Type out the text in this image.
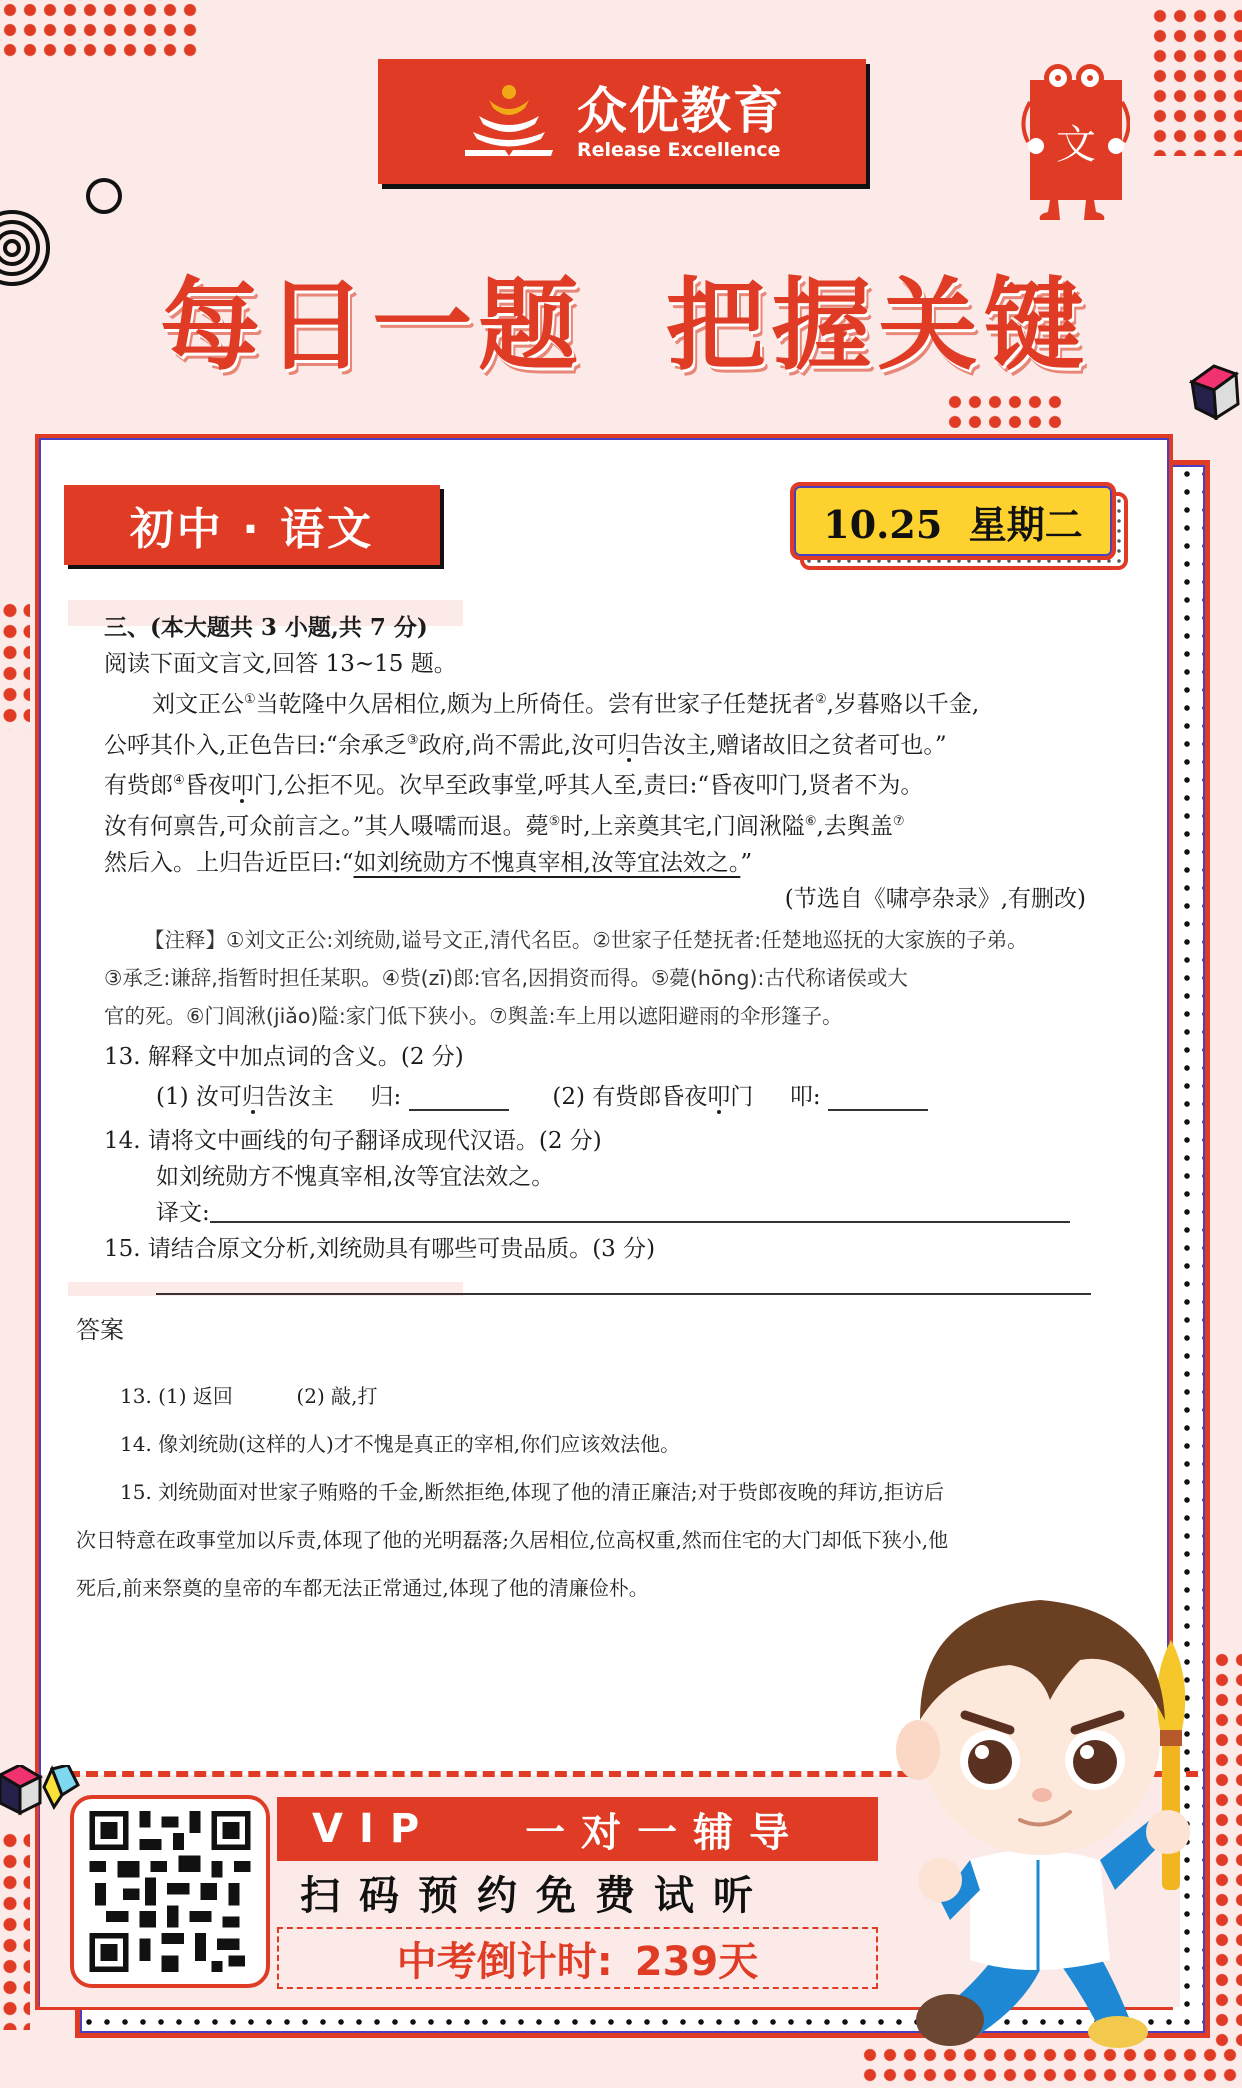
众优教育
Release Excellence	文
每日一题  把握关键
初中 · 语文	10.25  星期二

三、(本大题共 3 小题,共 7 分)

阅读下面文言文,回答 13~15 题。

刘文正公①当乾隆中久居相位,颇为上所倚任。尝有世家子任楚抚者②,岁暮赂以千金,

公呼其仆入,正色告曰:“余承乏③政府,尚不需此,汝可归告汝主,赠诸故旧之贫者可也。”

有赀郎④昏夜叩门,公拒不见。次早至政事堂,呼其人至,责曰:“昏夜叩门,贤者不为。

汝有何禀告,可众前言之。”其人嗫嚅而退。薨⑤时,上亲奠其宅,门闾湫隘⑥,去舆盖⑦

然后入。上归告近臣曰:“如刘统勋方不愧真宰相,汝等宜法效之。”

(节选自《啸亭杂录》,有删改)

【注释】①刘文正公:刘统勋,谥号文正,清代名臣。②世家子任楚抚者:任楚地巡抚的大家族的子弟。

③承乏:谦辞,指暂时担任某职。④赀(zī)郎:官名,因捐资而得。⑤薨(hōng):古代称诸侯或大

官的死。⑥门闾湫(jiǎo)隘:家门低下狭小。⑦舆盖:车上用以遮阳避雨的伞形篷子。

13. 解释文中加点词的含义。(2 分)

(1) 汝可归告汝主 归:	(2) 有赀郎昏夜叩门 叩:

14. 请将文中画线的句子翻译成现代汉语。(2 分)

如刘统勋方不愧真宰相,汝等宜法效之。

译文:

15. 请结合原文分析,刘统勋具有哪些可贵品质。(3 分)

答案

13. (1) 返回          (2) 敲,打

14. 像刘统勋(这样的人)才不愧是真正的宰相,你们应该效法他。

15. 刘统勋面对世家子贿赂的千金,断然拒绝,体现了他的清正廉洁;对于赀郎夜晚的拜访,拒访后次日特意在政事堂加以斥责,体现了他的光明磊落;久居相位,位高权重,然而住宅的大门却低下狭小,他死后,前来祭奠的皇帝的车都无法正常通过,体现了他的清廉俭朴。

VIP 一对一辅导
扫码预约免费试听
中考倒计时: 239天
